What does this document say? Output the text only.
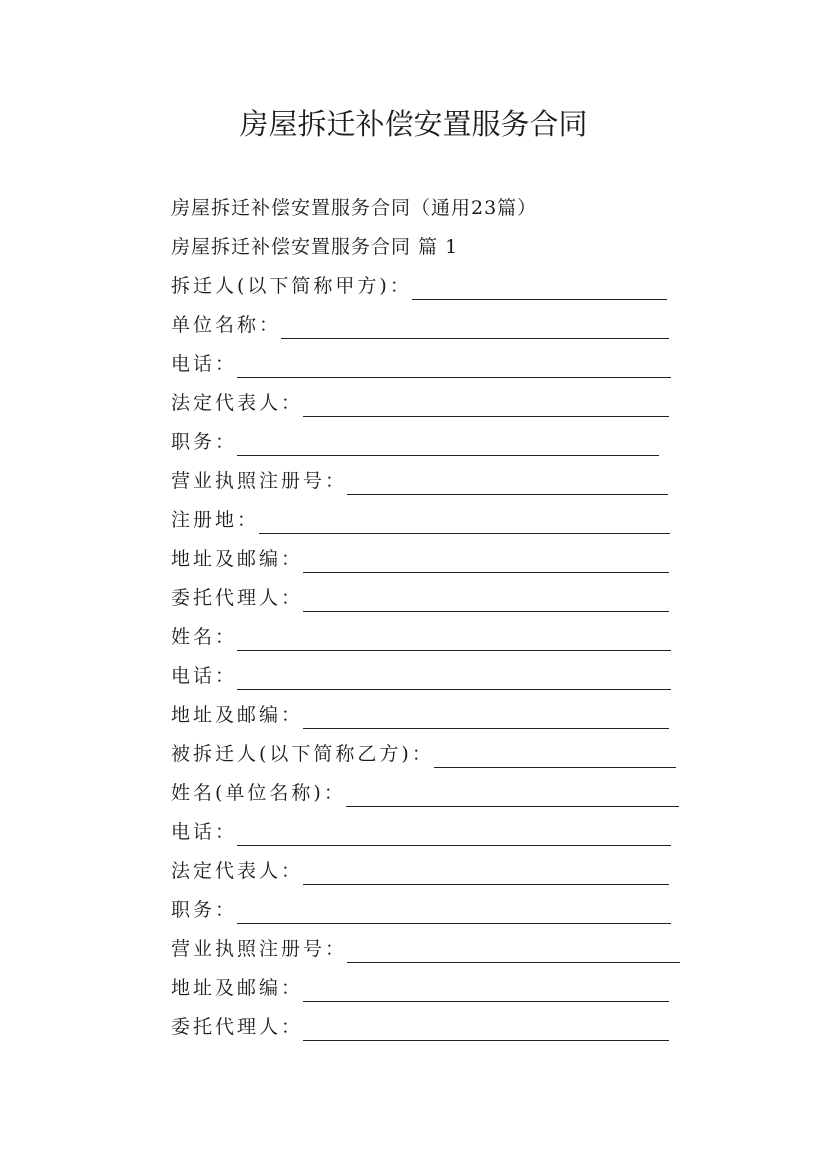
房屋拆迁补偿安置服务合同
房屋拆迁补偿安置服务合同（通用23篇）
房屋拆迁补偿安置服务合同 篇 1
拆迁人(以下简称甲方)：
单位名称：
电话：
法定代表人：
职务：
营业执照注册号：
注册地：
地址及邮编：
委托代理人：
姓名：
电话：
地址及邮编：
被拆迁人(以下简称乙方)：
姓名(单位名称)：
电话：
法定代表人：
职务：
营业执照注册号：
地址及邮编：
委托代理人：
